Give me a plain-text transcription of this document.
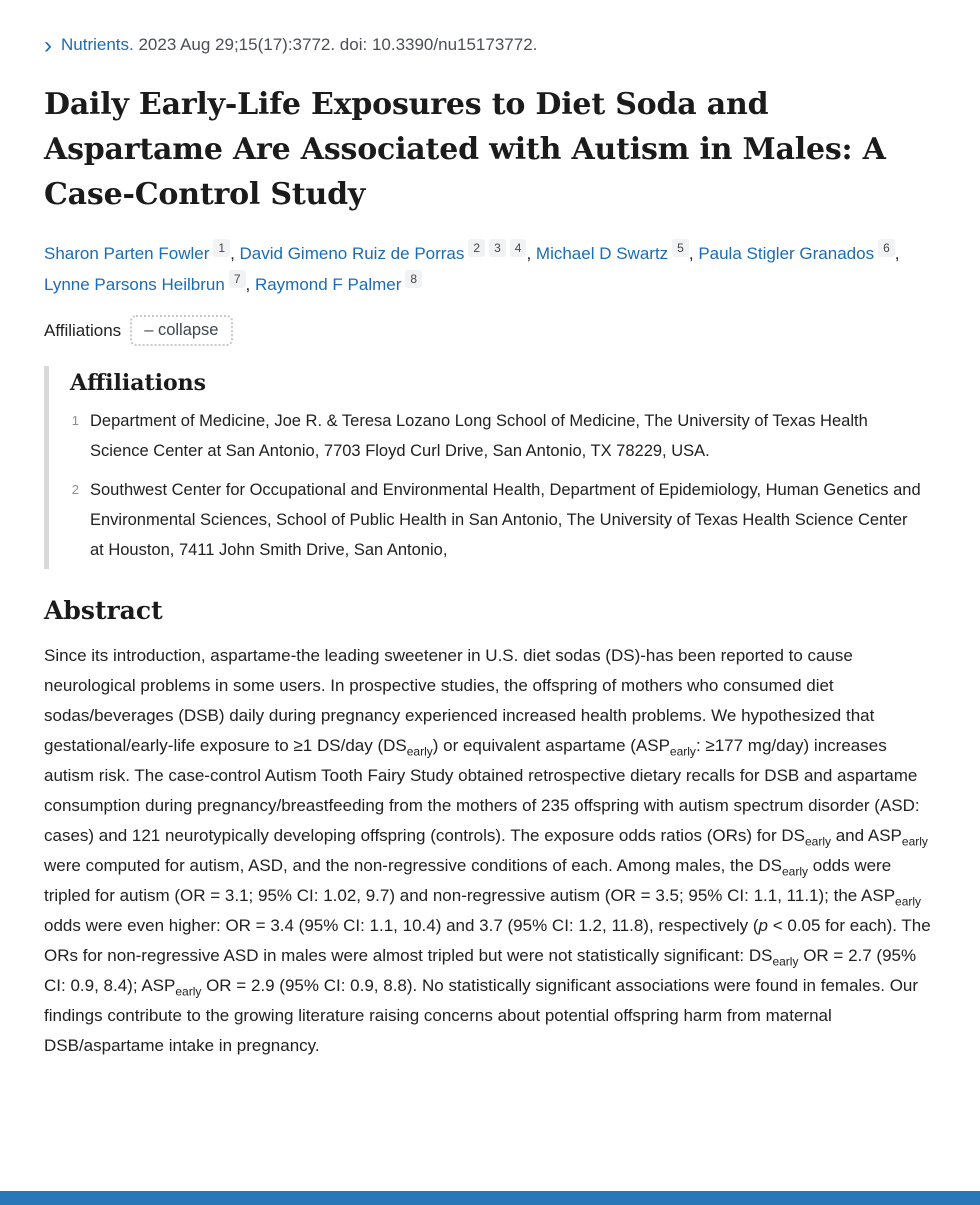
› Nutrients. 2023 Aug 29;15(17):3772. doi: 10.3390/nu15173772.
Daily Early-Life Exposures to Diet Soda and Aspartame Are Associated with Autism in Males: A Case-Control Study
Sharon Parten Fowler 1 , David Gimeno Ruiz de Porras 2 3 4 , Michael D Swartz 5 , Paula Stigler Granados 6 , Lynne Parsons Heilbrun 7 , Raymond F Palmer 8
Affiliations	– collapse
Affiliations
1 Department of Medicine, Joe R. & Teresa Lozano Long School of Medicine, The University of Texas Health Science Center at San Antonio, 7703 Floyd Curl Drive, San Antonio, TX 78229, USA.
2 Southwest Center for Occupational and Environmental Health, Department of Epidemiology, Human Genetics and Environmental Sciences, School of Public Health in San Antonio, The University of Texas Health Science Center at Houston, 7411 John Smith Drive, San Antonio,
Abstract

Since its introduction, aspartame-the leading sweetener in U.S. diet sodas (DS)-has been reported to cause neurological problems in some users. In prospective studies, the offspring of mothers who consumed diet sodas/beverages (DSB) daily during pregnancy experienced increased health problems. We hypothesized that gestational/early-life exposure to ≥1 DS/day $(DS_{early})$ or equivalent aspartame ($ASP_{early}$: ≥177 mg/day) increases autism risk. The case-control Autism Tooth Fairy Study obtained retrospective dietary recalls for DSB and aspartame consumption during pregnancy/breastfeeding from the mothers of 235 offspring with autism spectrum disorder (ASD: cases) and 121 neurotypically developing offspring (controls). The exposure odds ratios (ORs) for $DS_{early}$ and $ASP_{early}$ were computed for autism, ASD, and the non-regressive conditions of each. Among males, the $DS_{early}$ odds were tripled for autism (OR = 3.1; 95% CI: 1.02, 9.7) and non-regressive autism (OR = 3.5; 95% CI: 1.1, 11.1); the $ASP_{early}$ odds were even higher: OR = 3.4 (95% CI: 1.1, 10.4) and 3.7 (95% CI: 1.2, 11.8), respectively (p < 0.05 for each). The ORs for non-regressive ASD in males were almost tripled but were not statistically significant: $DS_{early}$ OR = 2.7 (95% CI: 0.9, 8.4); $ASP_{early}$ OR = 2.9 (95% CI: 0.9, 8.8). No statistically significant associations were found in females. Our findings contribute to the growing literature raising concerns about potential offspring harm from maternal DSB/aspartame intake in pregnancy.
